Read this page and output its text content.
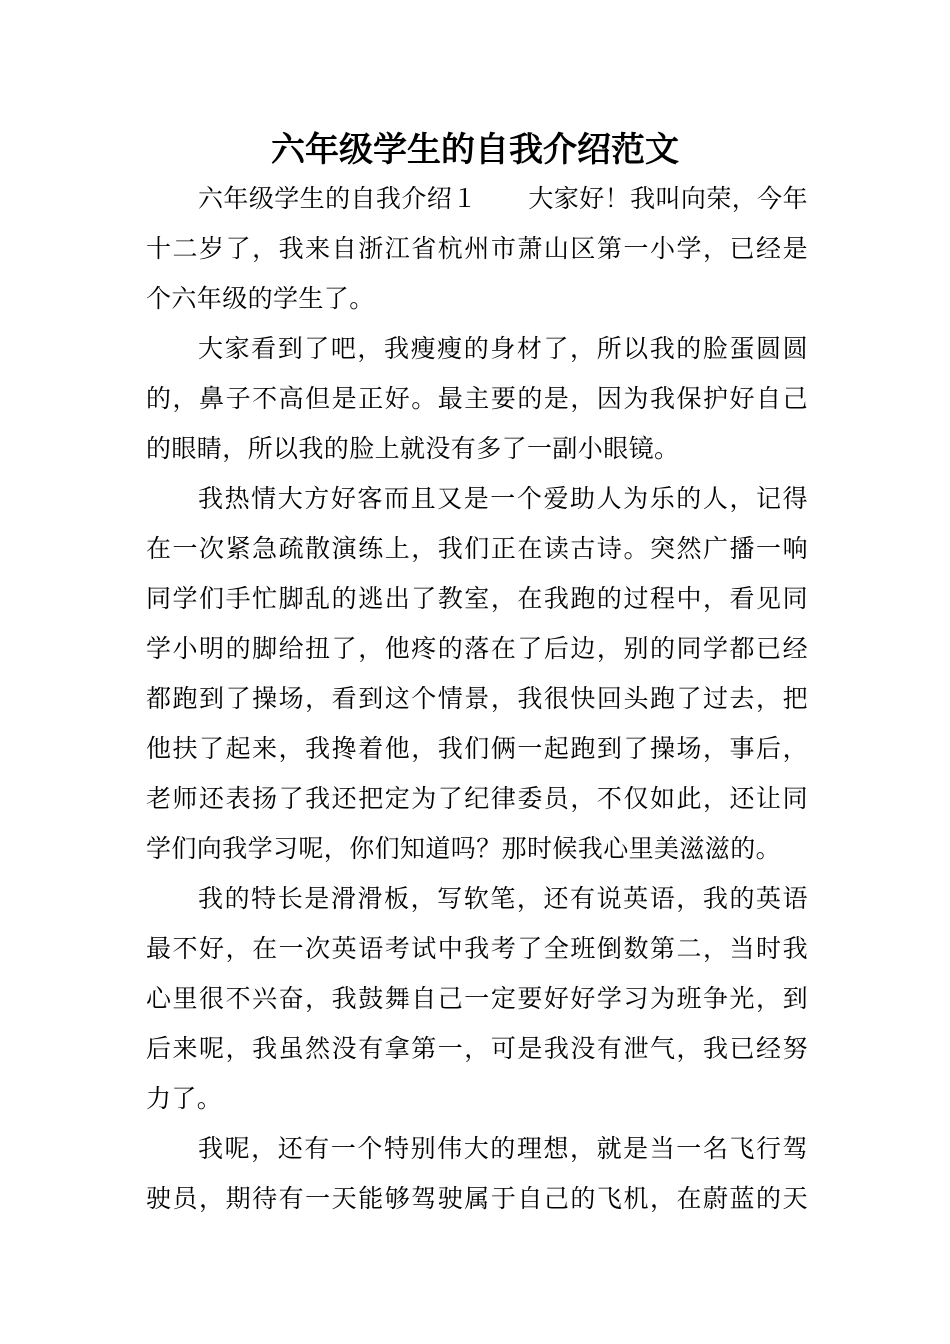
六年级学生的自我介绍范文
六年级学生的自我介绍１　　大家好！我叫向荣，今年
十二岁了，我来自浙江省杭州市萧山区第一小学，已经是
个六年级的学生了。
大家看到了吧，我瘦瘦的身材了，所以我的脸蛋圆圆
的，鼻子不高但是正好。最主要的是，因为我保护好自己
的眼睛，所以我的脸上就没有多了一副小眼镜。
我热情大方好客而且又是一个爱助人为乐的人，记得
在一次紧急疏散演练上，我们正在读古诗。突然广播一响
同学们手忙脚乱的逃出了教室，在我跑的过程中，看见同
学小明的脚给扭了，他疼的落在了后边，别的同学都已经
都跑到了操场，看到这个情景，我很快回头跑了过去，把
他扶了起来，我搀着他，我们俩一起跑到了操场，事后，
老师还表扬了我还把定为了纪律委员，不仅如此，还让同
学们向我学习呢，你们知道吗？那时候我心里美滋滋的。
我的特长是滑滑板，写软笔，还有说英语，我的英语
最不好，在一次英语考试中我考了全班倒数第二，当时我
心里很不兴奋，我鼓舞自己一定要好好学习为班争光，到
后来呢，我虽然没有拿第一，可是我没有泄气，我已经努
力了。
我呢，还有一个特别伟大的理想，就是当一名飞行驾
驶员，期待有一天能够驾驶属于自己的飞机，在蔚蓝的天
